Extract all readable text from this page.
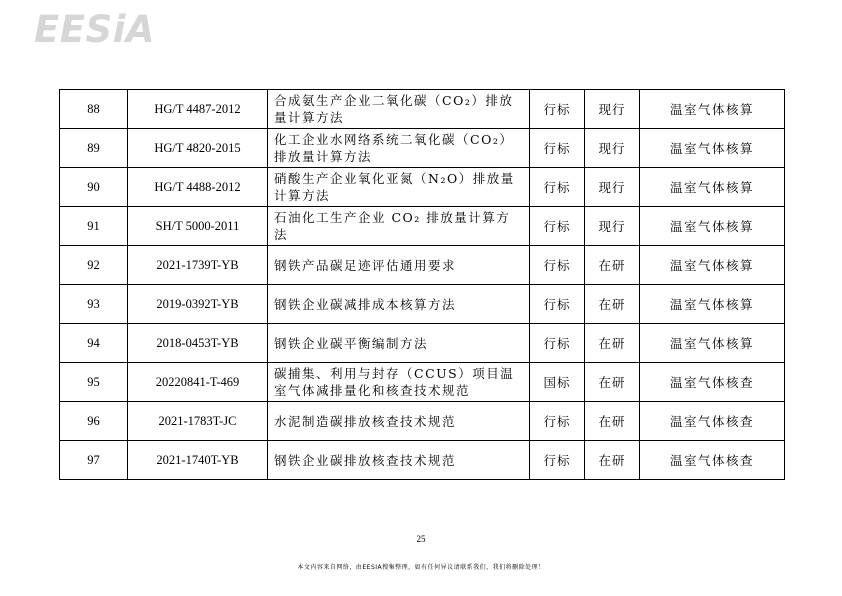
EESiA
88	HG/T 4487-2012	合成氨生产企业二氧化碳（CO₂）排放量计算方法	行标	现行	温室气体核算
89	HG/T 4820-2015	化工企业水网络系统二氧化碳（CO₂）排放量计算方法	行标	现行	温室气体核算
90	HG/T 4488-2012	硝酸生产企业氧化亚氮（N₂O）排放量计算方法	行标	现行	温室气体核算
91	SH/T 5000-2011	石油化工生产企业 CO₂ 排放量计算方法	行标	现行	温室气体核算
92	2021-1739T-YB	钢铁产品碳足迹评估通用要求	行标	在研	温室气体核算
93	2019-0392T-YB	钢铁企业碳减排成本核算方法	行标	在研	温室气体核算
94	2018-0453T-YB	钢铁企业碳平衡编制方法	行标	在研	温室气体核算
95	20220841-T-469	碳捕集、利用与封存（CCUS）项目温室气体减排量化和核查技术规范	国标	在研	温室气体核查
96	2021-1783T-JC	水泥制造碳排放核查技术规范	行标	在研	温室气体核查
97	2021-1740T-YB	钢铁企业碳排放核查技术规范	行标	在研	温室气体核查
25
本文内容来自网络，由EESIA搜集整理，如有任何异议请联系我们，我们将删除处理！
